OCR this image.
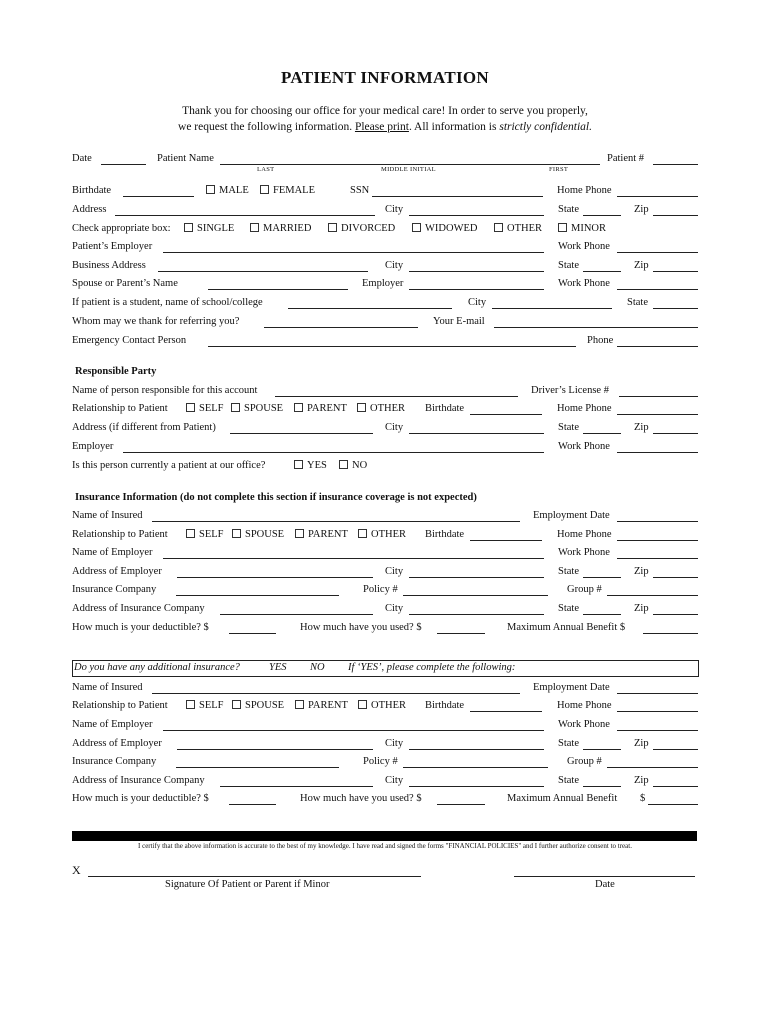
PATIENT INFORMATION
Thank you for choosing our office for your medical care! In order to serve you properly,
we request the following information. Please print. All information is strictly confidential.
Date	Patient Name	Patient #
LAST	MIDDLE INITIAL	FIRST
Birthdate	MALE	FEMALE	SSN	Home Phone
Address	City	State	Zip
Check appropriate box:	SINGLE	MARRIED	DIVORCED	WIDOWED	OTHER	MINOR
Patient’s Employer	Work Phone
Business Address	City	State	Zip
Spouse or Parent’s Name	Employer	Work Phone
If patient is a student, name of school/college	City	State
Whom may we thank for referring you?	Your E-mail
Emergency Contact Person	Phone
Responsible Party
Name of person responsible for this account	Driver’s License #
Relationship to Patient	SELF	SPOUSE	PARENT	OTHER Birthdate	Home Phone
Address (if different from Patient)	City	State	Zip
Employer	Work Phone
Is this person currently a patient at our office?	YES	NO
Insurance Information (do not complete this section if insurance coverage is not expected)
Name of Insured	Employment Date
Relationship to Patient	SELF	SPOUSE	PARENT	OTHER Birthdate	Home Phone
Name of Employer	Work Phone
Address of Employer	City	State	Zip
Insurance Company	Policy #	Group #
Address of Insurance Company	City	State	Zip
How much is your deductible? $	How much have you used? $	Maximum Annual Benefit $
Do you have any additional insurance?	YES NO If ‘YES’, please complete the following:
Name of Insured	Employment Date
Relationship to Patient	SELF	SPOUSE	PARENT	OTHER Birthdate	Home Phone
Name of Employer	Work Phone
Address of Employer	City	State	Zip
Insurance Company	Policy #	Group #
Address of Insurance Company	City	State	Zip
How much is your deductible? $	How much have you used? $	Maximum Annual Benefit $
I certify that the above information is accurate to the best of my knowledge. I have read and signed the forms "FINANCIAL POLICIES" and I further authorize consent to treat.
X
Signature Of Patient or Parent if Minor	Date
